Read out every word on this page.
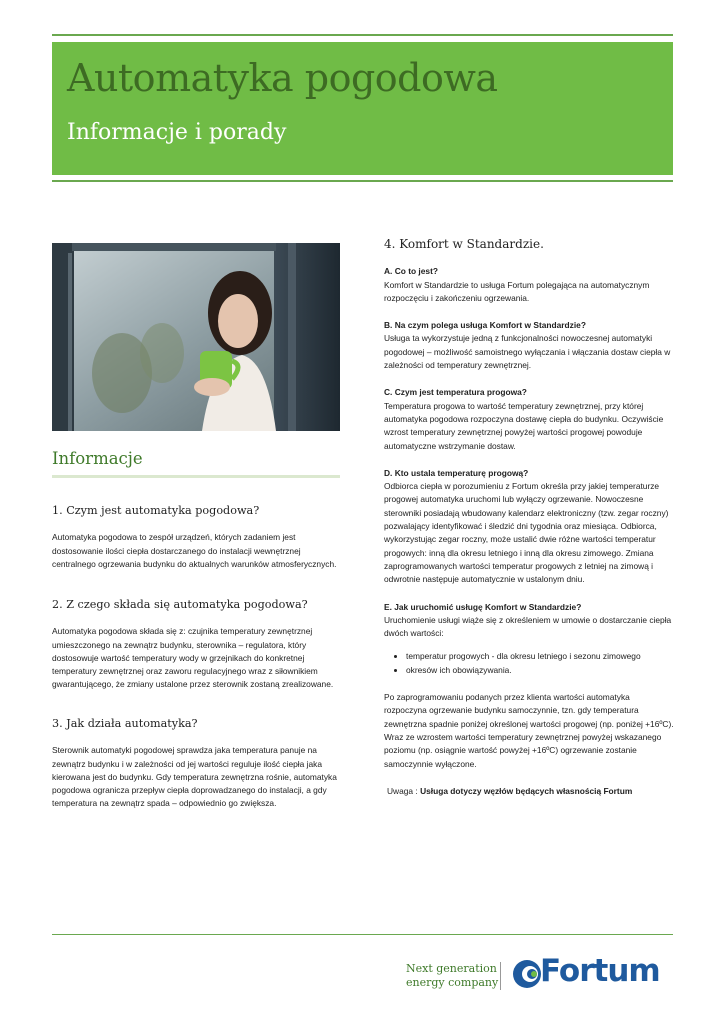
Automatyka pogodowa
Informacje i porady
Informacje
1. Czym jest automatyka pogodowa?

Automatyka pogodowa to zespół urządzeń, których zadaniem jest dostosowanie ilości ciepła dostarczanego do instalacji wewnętrznej centralnego ogrzewania budynku do aktualnych warunków atmosferycznych.

2. Z czego składa się automatyka pogodowa?

Automatyka pogodowa składa się z: czujnika temperatury zewnętrznej umieszczonego na zewnątrz budynku, sterownika – regulatora, który dostosowuje wartość temperatury wody w grzejnikach do konkretnej temperatury zewnętrznej oraz zaworu regulacyjnego wraz z siłownikiem gwarantującego, że zmiany ustalone przez sterownik zostaną zrealizowane.

3. Jak działa automatyka?

Sterownik automatyki pogodowej sprawdza jaka temperatura panuje na zewnątrz budynku i w zależności od jej wartości reguluje ilość ciepła jaka kierowana jest do budynku. Gdy temperatura zewnętrzna rośnie, automatyka pogodowa ogranicza przepływ ciepła doprowadzanego do instalacji, a gdy temperatura na zewnątrz spada – odpowiednio go zwiększa.

4. Komfort w Standardzie.
A. Co to jest?

Komfort w Standardzie to usługa Fortum polegająca na automatycznym rozpoczęciu i zakończeniu ogrzewania.

B. Na czym polega usługa Komfort w Standardzie?

Usługa ta wykorzystuje jedną z funkcjonalności nowoczesnej automatyki pogodowej – możliwość samoistnego wyłączania i włączania dostaw ciepła w zależności od temperatury zewnętrznej.

C. Czym jest temperatura progowa?

Temperatura progowa to wartość temperatury zewnętrznej, przy której automatyka pogodowa rozpoczyna dostawę ciepła do budynku. Oczywiście wzrost temperatury zewnętrznej powyżej wartości progowej powoduje automatyczne wstrzymanie dostaw.

D. Kto ustala temperaturę progową?

Odbiorca ciepła w porozumieniu z Fortum określa przy jakiej temperaturze progowej automatyka uruchomi lub wyłączy ogrzewanie. Nowoczesne sterowniki posiadają wbudowany kalendarz elektroniczny (tzw. zegar roczny) pozwalający identyfikować i śledzić dni tygodnia oraz miesiąca. Odbiorca, wykorzystując zegar roczny, może ustalić dwie różne wartości temperatur progowych: inną dla okresu letniego i inną dla okresu zimowego. Zmiana zaprogramowanych wartości temperatur progowych z letniej na zimową i odwrotnie następuje automatycznie w ustalonym dniu.

E. Jak uruchomić usługę Komfort w Standardzie?

Uruchomienie usługi wiąże się z określeniem w umowie o dostarczanie ciepła dwóch wartości:

• temperatur progowych - dla okresu letniego i sezonu zimowego
• okresów ich obowiązywania.

Po zaprogramowaniu podanych przez klienta wartości automatyka rozpoczyna ogrzewanie budynku samoczynnie, tzn. gdy temperatura zewnętrzna spadnie poniżej określonej wartości progowej (np. poniżej +16ºC). Wraz ze wzrostem wartości temperatury zewnętrznej powyżej wskazanego poziomu (np. osiągnie wartość powyżej +16ºC) ogrzewanie zostanie samoczynnie wyłączone.

Uwaga : Usługa dotyczy węzłów będących własnością Fortum

Next generation
energy company Fortum
